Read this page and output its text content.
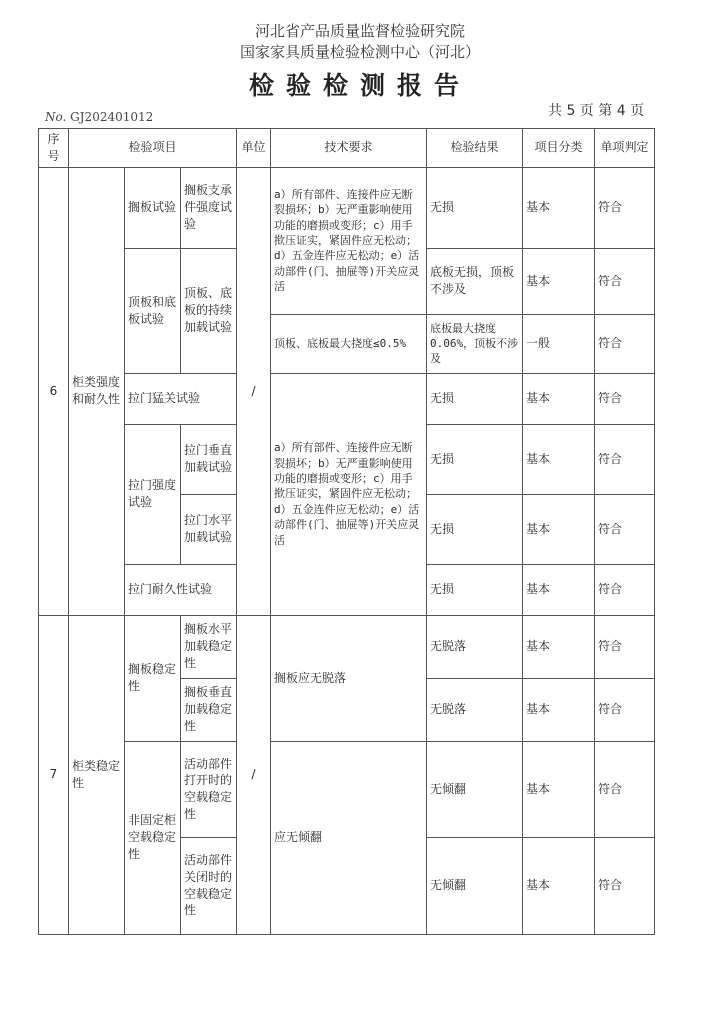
河北省产品质量监督检验研究院
国家家具质量检验检测中心（河北）
检验检测报告
No. GJ202401012	共 5 页 第 4 页
序号	检验项目			单位	技术要求	检验结果	项目分类	单项判定
6	柜类强度和耐久性	搁板试验	搁板支承件强度试验	/	a）所有部件、连接件应无断裂损坏；b）无严重影响使用功能的磨损或变形；c）用手揿压证实，紧固件应无松动；d）五金连件应无松动；e）活动部件(门、抽屉等)开关应灵活	无损	基本	符合
		顶板和底板试验	顶板、底板的持续加载试验			底板无损，顶板不涉及	基本	符合
					顶板、底板最大挠度≤0.5%	底板最大挠度0.06%，顶板不涉及	一般	符合
		拉门猛关试验			a）所有部件、连接件应无断裂损坏；b）无严重影响使用功能的磨损或变形；c）用手揿压证实，紧固件应无松动；d）五金连件应无松动；e）活动部件(门、抽屉等)开关应灵活	无损	基本	符合
		拉门强度试验	拉门垂直加载试验			无损	基本	符合
			拉门水平加载试验			无损	基本	符合
		拉门耐久性试验				无损	基本	符合
7	柜类稳定性	搁板稳定性	搁板水平加载稳定性	/	搁板应无脱落	无脱落	基本	符合
			搁板垂直加载稳定性			无脱落	基本	符合
		非固定柜空载稳定性	活动部件打开时的空载稳定性		应无倾翻	无倾翻	基本	符合
			活动部件关闭时的空载稳定性			无倾翻	基本	符合
